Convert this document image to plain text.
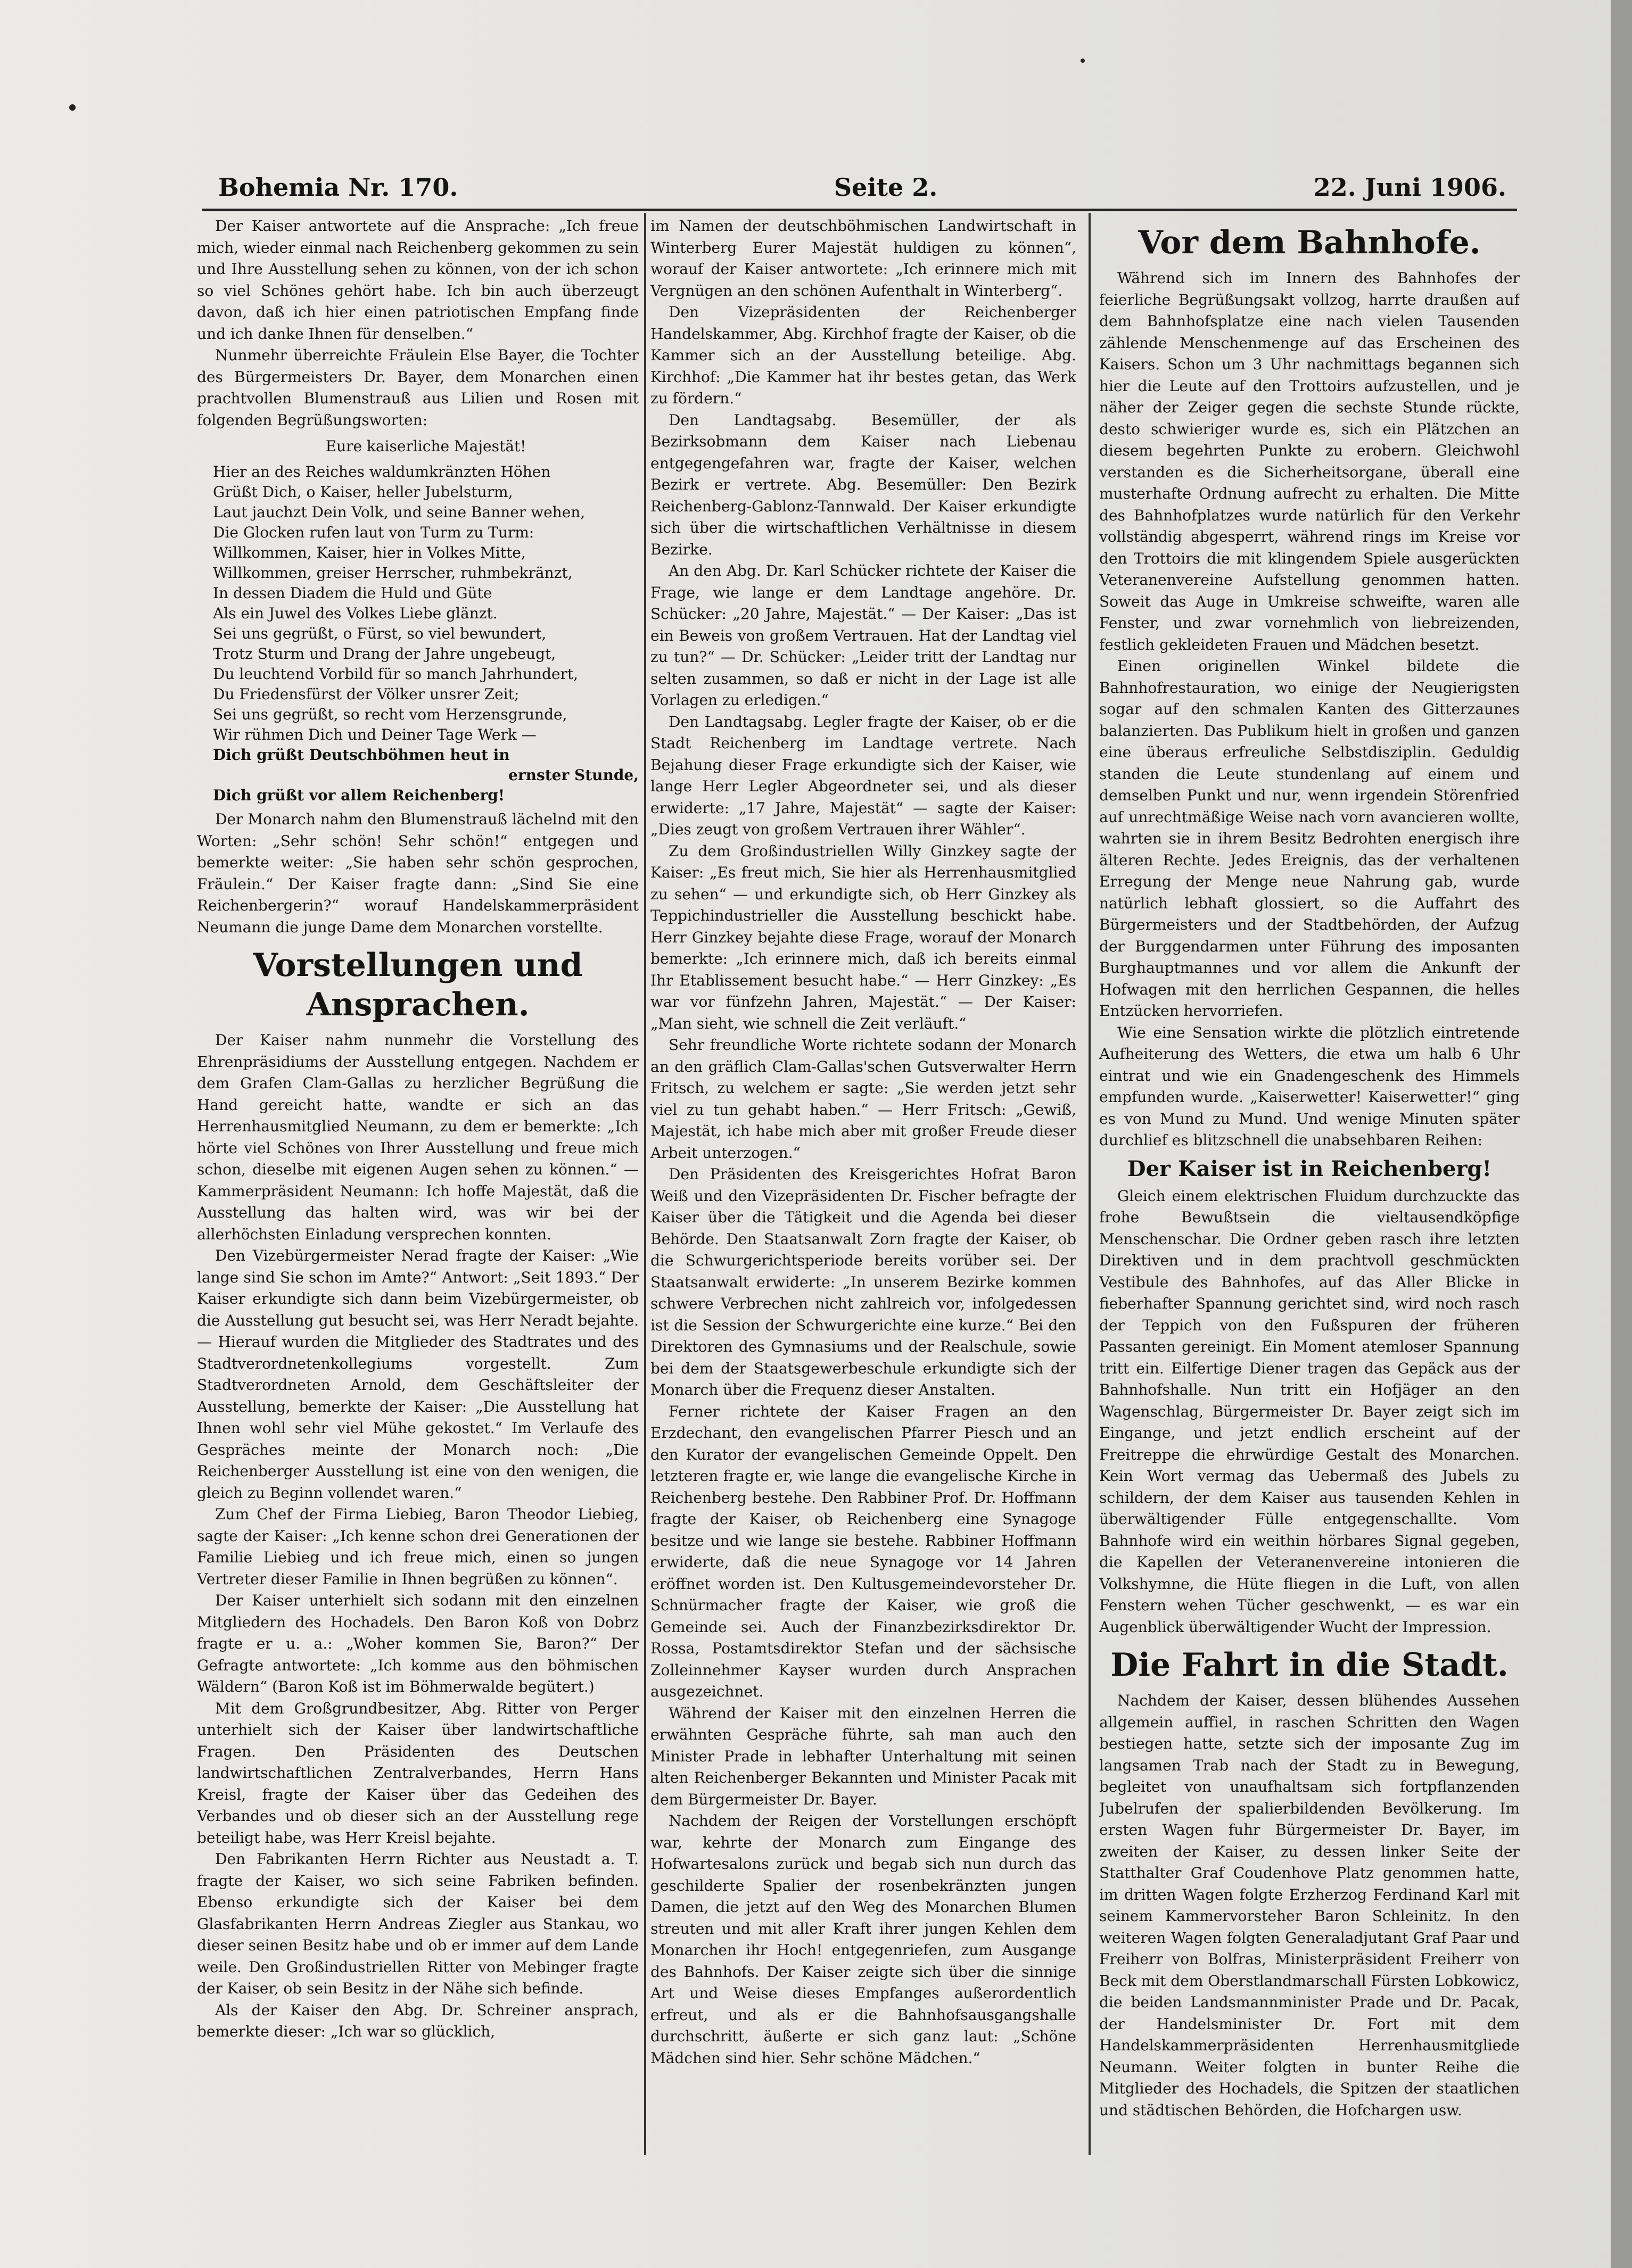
Bohemia Nr. 170.	Seite 2.	22. Juni 1906.

Der Kaiser antwortete auf die Ansprache: „Ich freue mich, wieder einmal nach Reichenberg gekommen zu sein und Ihre Ausstellung sehen zu können, von der ich schon so viel Schönes gehört habe. Ich bin auch überzeugt davon, daß ich hier einen patriotischen Empfang finde und ich danke Ihnen für denselben.“

Nunmehr überreichte Fräulein Else Bayer, die Tochter des Bürgermeisters Dr. Bayer, dem Monarchen einen prachtvollen Blumenstrauß aus Lilien und Rosen mit folgenden Begrüßungsworten:

Eure kaiserliche Majestät!
Hier an des Reiches waldumkränzten Höhen
Grüßt Dich, o Kaiser, heller Jubelsturm,
Laut jauchzt Dein Volk, und seine Banner wehen,
Die Glocken rufen laut von Turm zu Turm:
Willkommen, Kaiser, hier in Volkes Mitte,
Willkommen, greiser Herrscher, ruhmbekränzt,
In dessen Diadem die Huld und Güte
Als ein Juwel des Volkes Liebe glänzt.
Sei uns gegrüßt, o Fürst, so viel bewundert,
Trotz Sturm und Drang der Jahre ungebeugt,
Du leuchtend Vorbild für so manch Jahrhundert,
Du Friedensfürst der Völker unsrer Zeit;
Sei uns gegrüßt, so recht vom Herzensgrunde,
Wir rühmen Dich und Deiner Tage Werk —
Dich grüßt Deutschböhmen heut in
ernster Stunde,
Dich grüßt vor allem Reichenberg!

Der Monarch nahm den Blumenstrauß lächelnd mit den Worten: „Sehr schön! Sehr schön!“ entgegen und bemerkte weiter: „Sie haben sehr schön gesprochen, Fräulein.“ Der Kaiser fragte dann: „Sind Sie eine Reichenbergerin?“ worauf Handelskammerpräsident Neumann die junge Dame dem Monarchen vorstellte.

Vorstellungen und Ansprachen.

Der Kaiser nahm nunmehr die Vorstellung des Ehrenpräsidiums der Ausstellung entgegen. Nachdem er dem Grafen Clam-Gallas zu herzlicher Begrüßung die Hand gereicht hatte, wandte er sich an das Herrenhausmitglied Neumann, zu dem er bemerkte: „Ich hörte viel Schönes von Ihrer Ausstellung und freue mich schon, dieselbe mit eigenen Augen sehen zu können.“ — Kammerpräsident Neumann: Ich hoffe Majestät, daß die Ausstellung das halten wird, was wir bei der allerhöchsten Einladung versprechen konnten.

Den Vizebürgermeister Nerad fragte der Kaiser: „Wie lange sind Sie schon im Amte?“ Antwort: „Seit 1893.“ Der Kaiser erkundigte sich dann beim Vizebürgermeister, ob die Ausstellung gut besucht sei, was Herr Neradt bejahte. — Hierauf wurden die Mitglieder des Stadtrates und des Stadtverordnetenkollegiums vorgestellt. Zum Stadtverordneten Arnold, dem Geschäftsleiter der Ausstellung, bemerkte der Kaiser: „Die Ausstellung hat Ihnen wohl sehr viel Mühe gekostet.“ Im Verlaufe des Gespräches meinte der Monarch noch: „Die Reichenberger Ausstellung ist eine von den wenigen, die gleich zu Beginn vollendet waren.“

Zum Chef der Firma Liebieg, Baron Theodor Liebieg, sagte der Kaiser: „Ich kenne schon drei Generationen der Familie Liebieg und ich freue mich, einen so jungen Vertreter dieser Familie in Ihnen begrüßen zu können“.

Der Kaiser unterhielt sich sodann mit den einzelnen Mitgliedern des Hochadels. Den Baron Koß von Dobrz fragte er u. a.: „Woher kommen Sie, Baron?“ Der Gefragte antwortete: „Ich komme aus den böhmischen Wäldern“ (Baron Koß ist im Böhmerwalde begütert.)

Mit dem Großgrundbesitzer, Abg. Ritter von Perger unterhielt sich der Kaiser über landwirtschaftliche Fragen. Den Präsidenten des Deutschen landwirtschaftlichen Zentralverbandes, Herrn Hans Kreisl, fragte der Kaiser über das Gedeihen des Verbandes und ob dieser sich an der Ausstellung rege beteiligt habe, was Herr Kreisl bejahte.

Den Fabrikanten Herrn Richter aus Neustadt a. T. fragte der Kaiser, wo sich seine Fabriken befinden. Ebenso erkundigte sich der Kaiser bei dem Glasfabrikanten Herrn Andreas Ziegler aus Stankau, wo dieser seinen Besitz habe und ob er immer auf dem Lande weile. Den Großindustriellen Ritter von Mebinger fragte der Kaiser, ob sein Besitz in der Nähe sich befinde.

Als der Kaiser den Abg. Dr. Schreiner ansprach, bemerkte dieser: „Ich war so glücklich,

im Namen der deutschböhmischen Landwirtschaft in Winterberg Eurer Majestät huldigen zu können“, worauf der Kaiser antwortete: „Ich erinnere mich mit Vergnügen an den schönen Aufenthalt in Winterberg“.

Den Vizepräsidenten der Reichenberger Handelskammer, Abg. Kirchhof fragte der Kaiser, ob die Kammer sich an der Ausstellung beteilige. Abg. Kirchhof: „Die Kammer hat ihr bestes getan, das Werk zu fördern.“

Den Landtagsabg. Besemüller, der als Bezirksobmann dem Kaiser nach Liebenau entgegengefahren war, fragte der Kaiser, welchen Bezirk er vertrete. Abg. Besemüller: Den Bezirk Reichenberg-Gablonz-Tannwald. Der Kaiser erkundigte sich über die wirtschaftlichen Verhältnisse in diesem Bezirke.

An den Abg. Dr. Karl Schücker richtete der Kaiser die Frage, wie lange er dem Landtage angehöre. Dr. Schücker: „20 Jahre, Majestät.“ — Der Kaiser: „Das ist ein Beweis von großem Vertrauen. Hat der Landtag viel zu tun?“ — Dr. Schücker: „Leider tritt der Landtag nur selten zusammen, so daß er nicht in der Lage ist alle Vorlagen zu erledigen.“

Den Landtagsabg. Legler fragte der Kaiser, ob er die Stadt Reichenberg im Landtage vertrete. Nach Bejahung dieser Frage erkundigte sich der Kaiser, wie lange Herr Legler Abgeordneter sei, und als dieser erwiderte: „17 Jahre, Majestät“ — sagte der Kaiser: „Dies zeugt von großem Vertrauen ihrer Wähler“.

Zu dem Großindustriellen Willy Ginzkey sagte der Kaiser: „Es freut mich, Sie hier als Herrenhausmitglied zu sehen“ — und erkundigte sich, ob Herr Ginzkey als Teppichindustrieller die Ausstellung beschickt habe. Herr Ginzkey bejahte diese Frage, worauf der Monarch bemerkte: „Ich erinnere mich, daß ich bereits einmal Ihr Etablissement besucht habe.“ — Herr Ginzkey: „Es war vor fünfzehn Jahren, Majestät.“ — Der Kaiser: „Man sieht, wie schnell die Zeit verläuft.“

Sehr freundliche Worte richtete sodann der Monarch an den gräflich Clam-Gallas'schen Gutsverwalter Herrn Fritsch, zu welchem er sagte: „Sie werden jetzt sehr viel zu tun gehabt haben.“ — Herr Fritsch: „Gewiß, Majestät, ich habe mich aber mit großer Freude dieser Arbeit unterzogen.“

Den Präsidenten des Kreisgerichtes Hofrat Baron Weiß und den Vizepräsidenten Dr. Fischer befragte der Kaiser über die Tätigkeit und die Agenda bei dieser Behörde. Den Staatsanwalt Zorn fragte der Kaiser, ob die Schwurgerichtsperiode bereits vorüber sei. Der Staatsanwalt erwiderte: „In unserem Bezirke kommen schwere Verbrechen nicht zahlreich vor, infolgedessen ist die Session der Schwurgerichte eine kurze.“ Bei den Direktoren des Gymnasiums und der Realschule, sowie bei dem der Staatsgewerbeschule erkundigte sich der Monarch über die Frequenz dieser Anstalten.

Ferner richtete der Kaiser Fragen an den Erzdechant, den evangelischen Pfarrer Piesch und an den Kurator der evangelischen Gemeinde Oppelt. Den letzteren fragte er, wie lange die evangelische Kirche in Reichenberg bestehe. Den Rabbiner Prof. Dr. Hoffmann fragte der Kaiser, ob Reichenberg eine Synagoge besitze und wie lange sie bestehe. Rabbiner Hoffmann erwiderte, daß die neue Synagoge vor 14 Jahren eröffnet worden ist. Den Kultusgemeindevorsteher Dr. Schnürmacher fragte der Kaiser, wie groß die Gemeinde sei. Auch der Finanzbezirksdirektor Dr. Rossa, Postamtsdirektor Stefan und der sächsische Zolleinnehmer Kayser wurden durch Ansprachen ausgezeichnet.

Während der Kaiser mit den einzelnen Herren die erwähnten Gespräche führte, sah man auch den Minister Prade in lebhafter Unterhaltung mit seinen alten Reichenberger Bekannten und Minister Pacak mit dem Bürgermeister Dr. Bayer.

Nachdem der Reigen der Vorstellungen erschöpft war, kehrte der Monarch zum Eingange des Hofwartesalons zurück und begab sich nun durch das geschilderte Spalier der rosenbekränzten jungen Damen, die jetzt auf den Weg des Monarchen Blumen streuten und mit aller Kraft ihrer jungen Kehlen dem Monarchen ihr Hoch! entgegenriefen, zum Ausgange des Bahnhofs. Der Kaiser zeigte sich über die sinnige Art und Weise dieses Empfanges außerordentlich erfreut, und als er die Bahnhofsausgangshalle durchschritt, äußerte er sich ganz laut: „Schöne Mädchen sind hier. Sehr schöne Mädchen.“

Vor dem Bahnhofe.

Während sich im Innern des Bahnhofes der feierliche Begrüßungsakt vollzog, harrte draußen auf dem Bahnhofsplatze eine nach vielen Tausenden zählende Menschenmenge auf das Erscheinen des Kaisers. Schon um 3 Uhr nachmittags begannen sich hier die Leute auf den Trottoirs aufzustellen, und je näher der Zeiger gegen die sechste Stunde rückte, desto schwieriger wurde es, sich ein Plätzchen an diesem begehrten Punkte zu erobern. Gleichwohl verstanden es die Sicherheitsorgane, überall eine musterhafte Ordnung aufrecht zu erhalten. Die Mitte des Bahnhofplatzes wurde natürlich für den Verkehr vollständig abgesperrt, während rings im Kreise vor den Trottoirs die mit klingendem Spiele ausgerückten Veteranenvereine Aufstellung genommen hatten. Soweit das Auge in Umkreise schweifte, waren alle Fenster, und zwar vornehmlich von liebreizenden, festlich gekleideten Frauen und Mädchen besetzt.

Einen originellen Winkel bildete die Bahnhofrestauration, wo einige der Neugierigsten sogar auf den schmalen Kanten des Gitterzaunes balanzierten. Das Publikum hielt in großen und ganzen eine überaus erfreuliche Selbstdisziplin. Geduldig standen die Leute stundenlang auf einem und demselben Punkt und nur, wenn irgendein Störenfried auf unrechtmäßige Weise nach vorn avancieren wollte, wahrten sie in ihrem Besitz Bedrohten energisch ihre älteren Rechte. Jedes Ereignis, das der verhaltenen Erregung der Menge neue Nahrung gab, wurde natürlich lebhaft glossiert, so die Auffahrt des Bürgermeisters und der Stadtbehörden, der Aufzug der Burggendarmen unter Führung des imposanten Burghauptmannes und vor allem die Ankunft der Hofwagen mit den herrlichen Gespannen, die helles Entzücken hervorriefen.

Wie eine Sensation wirkte die plötzlich eintretende Aufheiterung des Wetters, die etwa um halb 6 Uhr eintrat und wie ein Gnadengeschenk des Himmels empfunden wurde. „Kaiserwetter! Kaiserwetter!“ ging es von Mund zu Mund. Und wenige Minuten später durchlief es blitzschnell die unabsehbaren Reihen:

Der Kaiser ist in Reichenberg!

Gleich einem elektrischen Fluidum durchzuckte das frohe Bewußtsein die vieltausendköpfige Menschenschar. Die Ordner geben rasch ihre letzten Direktiven und in dem prachtvoll geschmückten Vestibule des Bahnhofes, auf das Aller Blicke in fieberhafter Spannung gerichtet sind, wird noch rasch der Teppich von den Fußspuren der früheren Passanten gereinigt. Ein Moment atemloser Spannung tritt ein. Eilfertige Diener tragen das Gepäck aus der Bahnhofshalle. Nun tritt ein Hofjäger an den Wagenschlag, Bürgermeister Dr. Bayer zeigt sich im Eingange, und jetzt endlich erscheint auf der Freitreppe die ehrwürdige Gestalt des Monarchen. Kein Wort vermag das Uebermaß des Jubels zu schildern, der dem Kaiser aus tausenden Kehlen in überwältigender Fülle entgegenschallte. Vom Bahnhofe wird ein weithin hörbares Signal gegeben, die Kapellen der Veteranenvereine intonieren die Volkshymne, die Hüte fliegen in die Luft, von allen Fenstern wehen Tücher geschwenkt, — es war ein Augenblick überwältigender Wucht der Impression.

Die Fahrt in die Stadt.

Nachdem der Kaiser, dessen blühendes Aussehen allgemein auffiel, in raschen Schritten den Wagen bestiegen hatte, setzte sich der imposante Zug im langsamen Trab nach der Stadt zu in Bewegung, begleitet von unaufhaltsam sich fortpflanzenden Jubelrufen der spalierbildenden Bevölkerung. Im ersten Wagen fuhr Bürgermeister Dr. Bayer, im zweiten der Kaiser, zu dessen linker Seite der Statthalter Graf Coudenhove Platz genommen hatte, im dritten Wagen folgte Erzherzog Ferdinand Karl mit seinem Kammervorsteher Baron Schleinitz. In den weiteren Wagen folgten Generaladjutant Graf Paar und Freiherr von Bolfras, Ministerpräsident Freiherr von Beck mit dem Oberstlandmarschall Fürsten Lobkowicz, die beiden Landsmannminister Prade und Dr. Pacak, der Handelsminister Dr. Fort mit dem Handelskammerpräsidenten Herrenhausmitgliede Neumann. Weiter folgten in bunter Reihe die Mitglieder des Hochadels, die Spitzen der staatlichen und städtischen Behörden, die Hofchargen usw.
